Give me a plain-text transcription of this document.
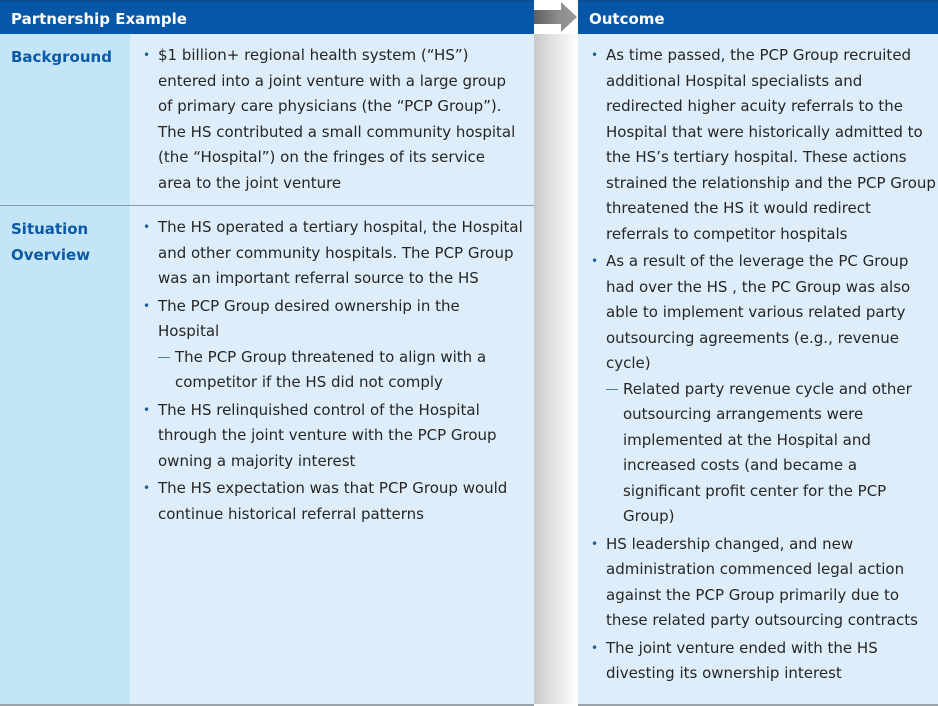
Partnership Example
Background	• $1 billion+ regional health system (“HS”) entered into a joint venture with a large group of primary care physicians (the “PCP Group”). The HS contributed a small community hospital (the “Hospital”) on the fringes of its service area to the joint venture
Situation Overview
• The HS operated a tertiary hospital, the Hospital and other community hospitals. The PCP Group was an important referral source to the HS
• The PCP Group desired ownership in the Hospital
The PCP Group threatened to align with a competitor if the HS did not comply
• The HS relinquished control of the Hospital through the joint venture with the PCP Group owning a majority interest
• The HS expectation was that PCP Group would continue historical referral patterns
Outcome
• As time passed, the PCP Group recruited additional Hospital specialists and redirected higher acuity referrals to the Hospital that were historically admitted to the HS’s tertiary hospital. These actions strained the relationship and the PCP Group threatened the HS it would redirect referrals to competitor hospitals
• As a result of the leverage the PC Group had over the HS , the PC Group was also able to implement various related party outsourcing agreements (e.g., revenue cycle)
Related party revenue cycle and other outsourcing arrangements were implemented at the Hospital and increased costs (and became a significant profit center for the PCP Group)
• HS leadership changed, and new administration commenced legal action against the PCP Group primarily due to these related party outsourcing contracts
• The joint venture ended with the HS divesting its ownership interest
